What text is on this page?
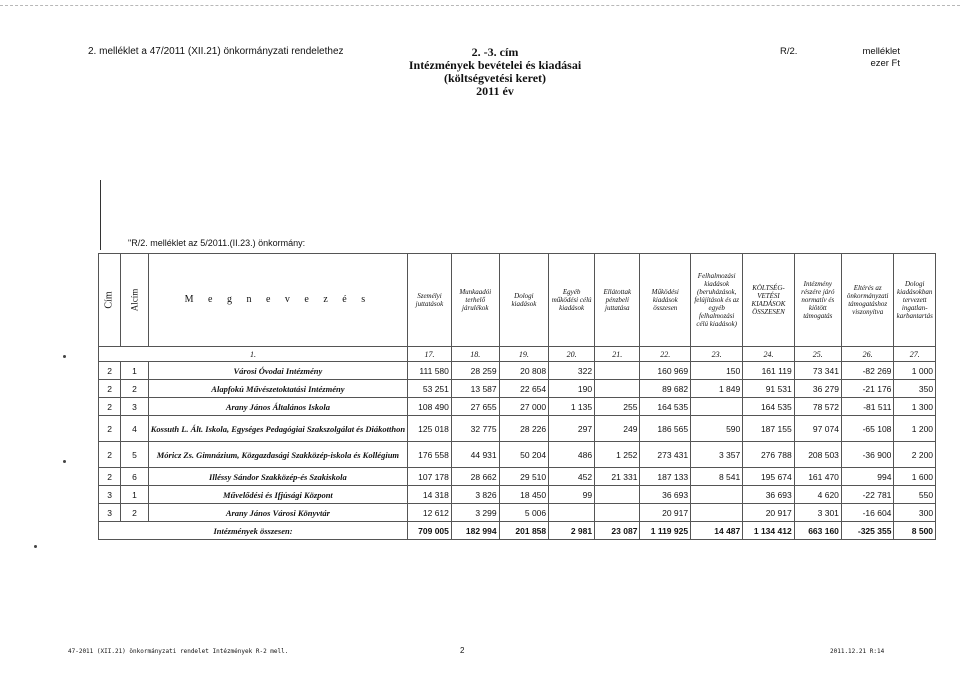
2. melléklet a 47/2011 (XII.21) önkormányzati rendelethez	2. -3. cím
Intézmények bevételei és kiadásai
(költségvetési keret)
2011 év
R/2.	melléklet
ezer Ft
"R/2. melléklet az 5/2011.(II.23.) önkormány:
Cím	Alcím	M e g n e v e z é s	Személyi juttatások	Munkaadói terhelő járulékok	Dologi kiadások	Egyéb működési célú kiadások	Ellátottak pénzbeli juttatása	Működési kiadások összesen	Felhalmozási kiadások (beruházások, felújítások és az egyéb felhalmozási célú kiadások)	KÖLTSÉG-VETÉSI KIADÁSOK ÖSSZESEN	Intézmény részére járó normatív és kiötött támogatás	Eltérés az önkormányzati támogatáshoz viszonyítva	Dologi kiadásokban tervezett ingatlan-karbantartás
1.			17.	18.	19.	20.	21.	22.	23.	24.	25.	26.	27.
2	1	Városi Óvodai Intézmény	111 580	28 259	20 808	322		160 969	150	161 119	73 341	-82 269	1 000
2	2	Alapfokú Művészetoktatási Intézmény	53 251	13 587	22 654	190		89 682	1 849	91 531	36 279	-21 176	350
2	3	Arany János Általános Iskola	108 490	27 655	27 000	1 135	255	164 535		164 535	78 572	-81 511	1 300
2	4	Kossuth L. Ált. Iskola, Egységes Pedagógiai Szakszolgálat és Diákotthon	125 018	32 775	28 226	297	249	186 565	590	187 155	97 074	-65 108	1 200
2	5	Móricz Zs. Gimnázium, Közgazdasági Szakközép-iskola és Kollégium	176 558	44 931	50 204	486	1 252	273 431	3 357	276 788	208 503	-36 900	2 200
2	6	Illéssy Sándor Szakközép-és Szakiskola	107 178	28 662	29 510	452	21 331	187 133	8 541	195 674	161 470	994	1 600
3	1	Művelődési és Ifjúsági Központ	14 318	3 826	18 450	99		36 693		36 693	4 620	-22 781	550
3	2	Arany János Városi Könyvtár	12 612	3 299	5 006			20 917		20 917	3 301	-16 604	300
Intézmények összesen:			709 005	182 994	201 858	2 981	23 087	1 119 925	14 487	1 134 412	663 160	-325 355	8 500
47-2011 (XII.21) önkormányzati rendelet Intézmények R-2 mell.	2	2011.12.21 R:14
